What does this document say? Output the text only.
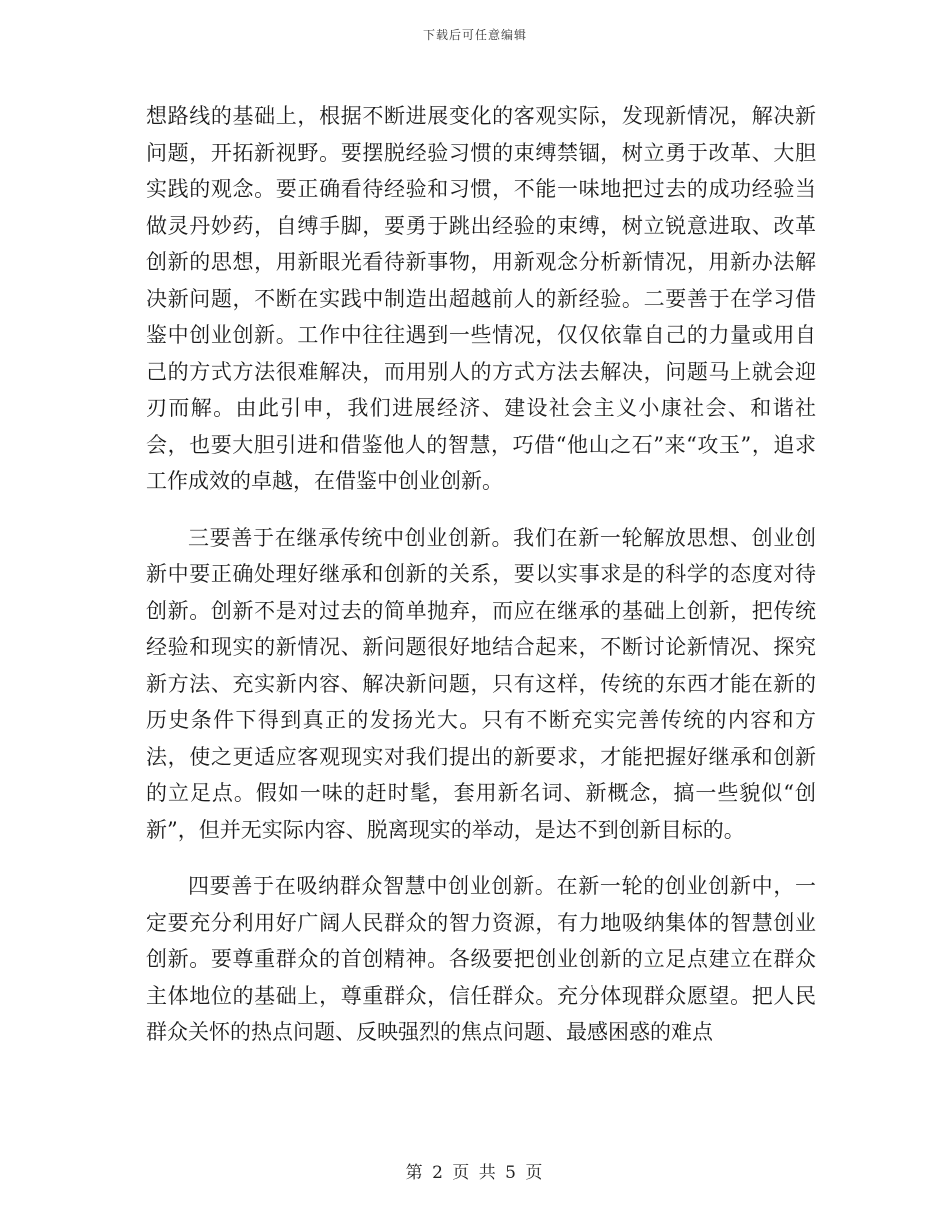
下载后可任意编辑

想路线的基础上，根据不断进展变化的客观实际，发现新情况，解决新问题，开拓新视野。要摆脱经验习惯的束缚禁锢，树立勇于改革、大胆实践的观念。要正确看待经验和习惯，不能一味地把过去的成功经验当做灵丹妙药，自缚手脚，要勇于跳出经验的束缚，树立锐意进取、改革创新的思想，用新眼光看待新事物，用新观念分析新情况，用新办法解决新问题，不断在实践中制造出超越前人的新经验。二要善于在学习借鉴中创业创新。工作中往往遇到一些情况，仅仅依靠自己的力量或用自己的方式方法很难解决，而用别人的方式方法去解决，问题马上就会迎刃而解。由此引申，我们进展经济、建设社会主义小康社会、和谐社会，也要大胆引进和借鉴他人的智慧，巧借“他山之石”来“攻玉”，追求工作成效的卓越，在借鉴中创业创新。

三要善于在继承传统中创业创新。我们在新一轮解放思想、创业创新中要正确处理好继承和创新的关系，要以实事求是的科学的态度对待创新。创新不是对过去的简单抛弃，而应在继承的基础上创新，把传统经验和现实的新情况、新问题很好地结合起来，不断讨论新情况、探究新方法、充实新内容、解决新问题，只有这样，传统的东西才能在新的历史条件下得到真正的发扬光大。只有不断充实完善传统的内容和方法，使之更适应客观现实对我们提出的新要求，才能把握好继承和创新的立足点。假如一味的赶时髦，套用新名词、新概念，搞一些貌似“创新”，但并无实际内容、脱离现实的举动，是达不到创新目标的。

四要善于在吸纳群众智慧中创业创新。在新一轮的创业创新中，一定要充分利用好广阔人民群众的智力资源，有力地吸纳集体的智慧创业创新。要尊重群众的首创精神。各级要把创业创新的立足点建立在群众主体地位的基础上，尊重群众，信任群众。充分体现群众愿望。把人民群众关怀的热点问题、反映强烈的焦点问题、最感困惑的难点

第 2 页 共 5 页
